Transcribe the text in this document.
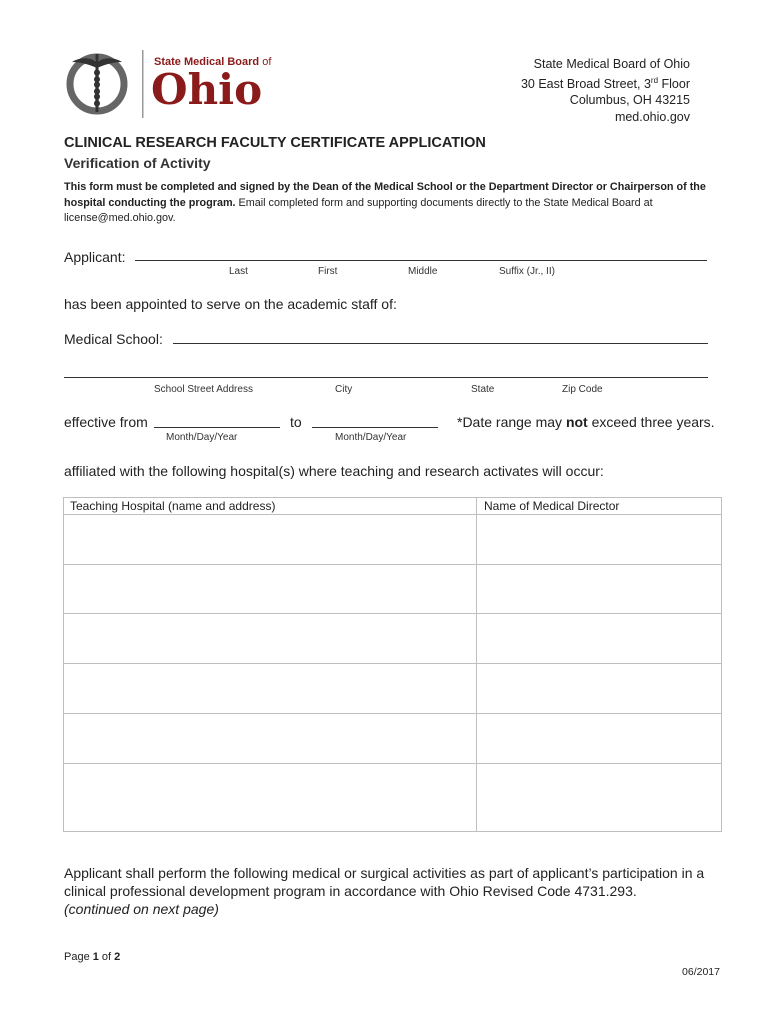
State Medical Board of
Ohio
State Medical Board of Ohio
30 East Broad Street, 3rd Floor
Columbus, OH 43215
med.ohio.gov
CLINICAL RESEARCH FACULTY CERTIFICATE APPLICATION
Verification of Activity
This form must be completed and signed by the Dean of the Medical School or the Department Director or Chairperson of the hospital conducting the program. Email completed form and supporting documents directly to the State Medical Board at license@med.ohio.gov.
Applicant:
Last	First	Middle	Suffix (Jr., II)
has been appointed to serve on the academic staff of:
Medical School:
School Street Address	City	State	Zip Code
effective from
Month/Day/Year
to
Month/Day/Year
*Date range may not exceed three years.
affiliated with the following hospital(s) where teaching and research activates will occur:
Teaching Hospital (name and address)	Name of Medical Director
Applicant shall perform the following medical or surgical activities as part of applicant’s participation in a
clinical professional development program in accordance with Ohio Revised Code 4731.293.
(continued on next page)
Page 1 of 2
06/2017
